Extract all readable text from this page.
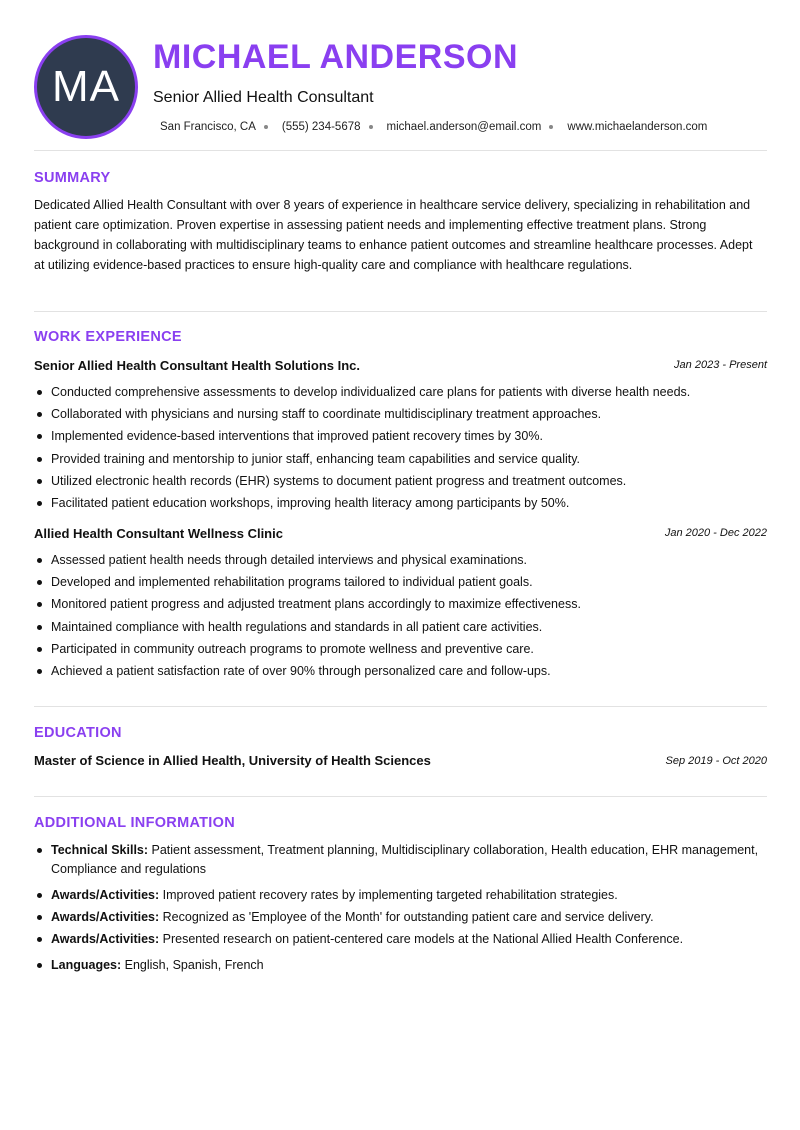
MA
MICHAEL ANDERSON
Senior Allied Health Consultant
San Francisco, CA (555) 234-5678 michael.anderson@email.com www.michaelanderson.com
SUMMARY
Dedicated Allied Health Consultant with over 8 years of experience in healthcare service delivery, specializing in rehabilitation and patient care optimization. Proven expertise in assessing patient needs and implementing effective treatment plans. Strong background in collaborating with multidisciplinary teams to enhance patient outcomes and streamline healthcare processes. Adept at utilizing evidence-based practices to ensure high-quality care and compliance with healthcare regulations.
WORK EXPERIENCE
Senior Allied Health Consultant Health Solutions Inc.	Jan 2023 - Present
Conducted comprehensive assessments to develop individualized care plans for patients with diverse health needs.
Collaborated with physicians and nursing staff to coordinate multidisciplinary treatment approaches.
Implemented evidence-based interventions that improved patient recovery times by 30%.
Provided training and mentorship to junior staff, enhancing team capabilities and service quality.
Utilized electronic health records (EHR) systems to document patient progress and treatment outcomes.
Facilitated patient education workshops, improving health literacy among participants by 50%.
Allied Health Consultant Wellness Clinic	Jan 2020 - Dec 2022
Assessed patient health needs through detailed interviews and physical examinations.
Developed and implemented rehabilitation programs tailored to individual patient goals.
Monitored patient progress and adjusted treatment plans accordingly to maximize effectiveness.
Maintained compliance with health regulations and standards in all patient care activities.
Participated in community outreach programs to promote wellness and preventive care.
Achieved a patient satisfaction rate of over 90% through personalized care and follow-ups.
EDUCATION
Master of Science in Allied Health, University of Health Sciences	Sep 2019 - Oct 2020
ADDITIONAL INFORMATION
Technical Skills: Patient assessment, Treatment planning, Multidisciplinary collaboration, Health education, EHR management, Compliance and regulations
Awards/Activities: Improved patient recovery rates by implementing targeted rehabilitation strategies.
Awards/Activities: Recognized as 'Employee of the Month' for outstanding patient care and service delivery.
Awards/Activities: Presented research on patient-centered care models at the National Allied Health Conference.
Languages: English, Spanish, French
